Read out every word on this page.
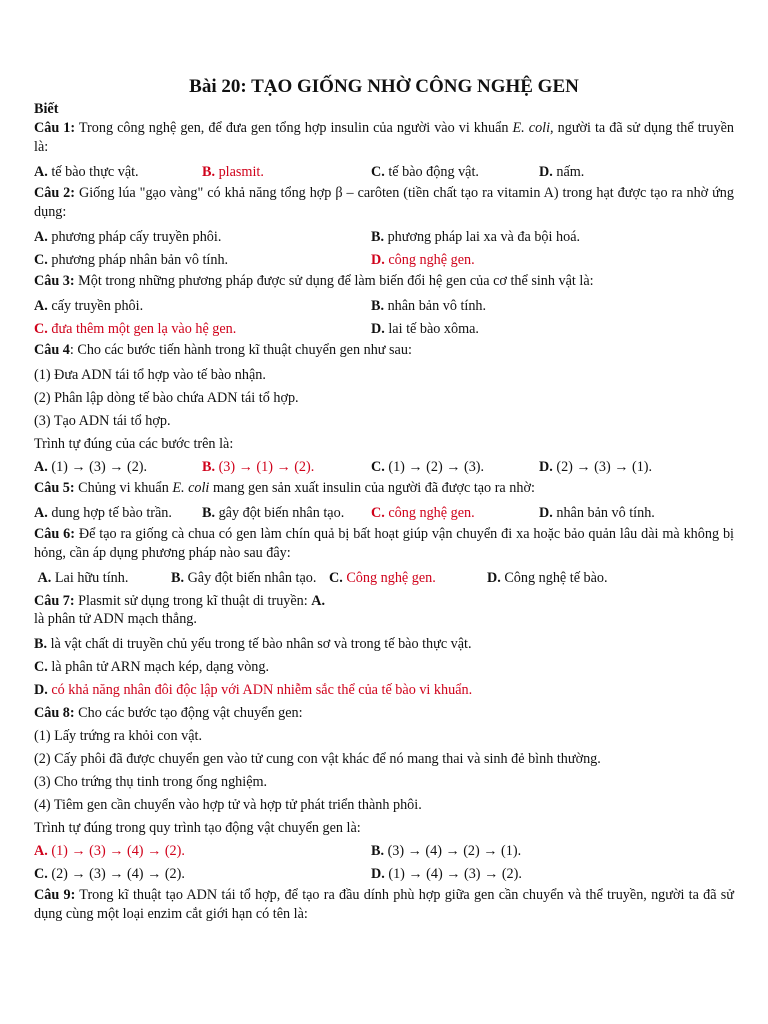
Bài 20: TẠO GIỐNG NHỜ CÔNG NGHỆ GEN

Biết

Câu 1: Trong công nghệ gen, để đưa gen tổng hợp insulin của người vào vi khuẩn E. coli, người ta đã sử dụng thể truyền là:

A. tế bào thực vật.	B. plasmit.	C. tế bào động vật.	D. nấm.

Câu 2: Giống lúa "gạo vàng" có khả năng tổng hợp β – carôten (tiền chất tạo ra vitamin A) trong hạt được tạo ra nhờ ứng dụng:

A. phương pháp cấy truyền phôi.	B. phương pháp lai xa và đa bội hoá.
C. phương pháp nhân bản vô tính.	D. công nghệ gen.

Câu 3: Một trong những phương pháp được sử dụng để làm biến đổi hệ gen của cơ thể sinh vật là:

A. cấy truyền phôi.	B. nhân bản vô tính.
C. đưa thêm một gen lạ vào hệ gen.	D. lai tế bào xôma.

Câu 4: Cho các bước tiến hành trong kĩ thuật chuyển gen như sau:

(1) Đưa ADN tái tổ hợp vào tế bào nhận.

(2) Phân lập dòng tế bào chứa ADN tái tổ hợp.

(3) Tạo ADN tái tổ hợp.

Trình tự đúng của các bước trên là:

A. (1) → (3) → (2).	B. (3) → (1) → (2).	C. (1) → (2) → (3).	D. (2) → (3) → (1).

Câu 5: Chủng vi khuẩn E. coli mang gen sản xuất insulin của người đã được tạo ra nhờ:

A. dung hợp tế bào trần.	B. gây đột biến nhân tạo.	C. công nghệ gen.	D. nhân bản vô tính.

Câu 6: Để tạo ra giống cà chua có gen làm chín quả bị bất hoạt giúp vận chuyển đi xa hoặc bảo quản lâu dài mà không bị hỏng, cần áp dụng phương pháp nào sau đây:

A. Lai hữu tính.	B. Gây đột biến nhân tạo. C. Công nghệ gen.	D. Công nghệ tế bào.

Câu 7: Plasmit sử dụng trong kĩ thuật di truyền: A.

là phân tử ADN mạch thẳng.

B. là vật chất di truyền chủ yếu trong tế bào nhân sơ và trong tế bào thực vật.

C. là phân tử ARN mạch kép, dạng vòng.

D. có khả năng nhân đôi độc lập với ADN nhiễm sắc thể của tế bào vi khuẩn.

Câu 8: Cho các bước tạo động vật chuyển gen:

(1) Lấy trứng ra khỏi con vật.

(2) Cấy phôi đã được chuyển gen vào tử cung con vật khác để nó mang thai và sinh đẻ bình thường.

(3) Cho trứng thụ tinh trong ống nghiệm.

(4) Tiêm gen cần chuyển vào hợp tử và hợp tử phát triển thành phôi.

Trình tự đúng trong quy trình tạo động vật chuyển gen là:

A. (1) → (3) → (4) → (2).	B. (3) → (4) → (2) → (1).
C. (2) → (3) → (4) → (2).	D. (1) → (4) → (3) → (2).

Câu 9: Trong kĩ thuật tạo ADN tái tổ hợp, để tạo ra đầu dính phù hợp giữa gen cần chuyển và thể truyền, người ta đã sử dụng cùng một loại enzim cắt giới hạn có tên là:
